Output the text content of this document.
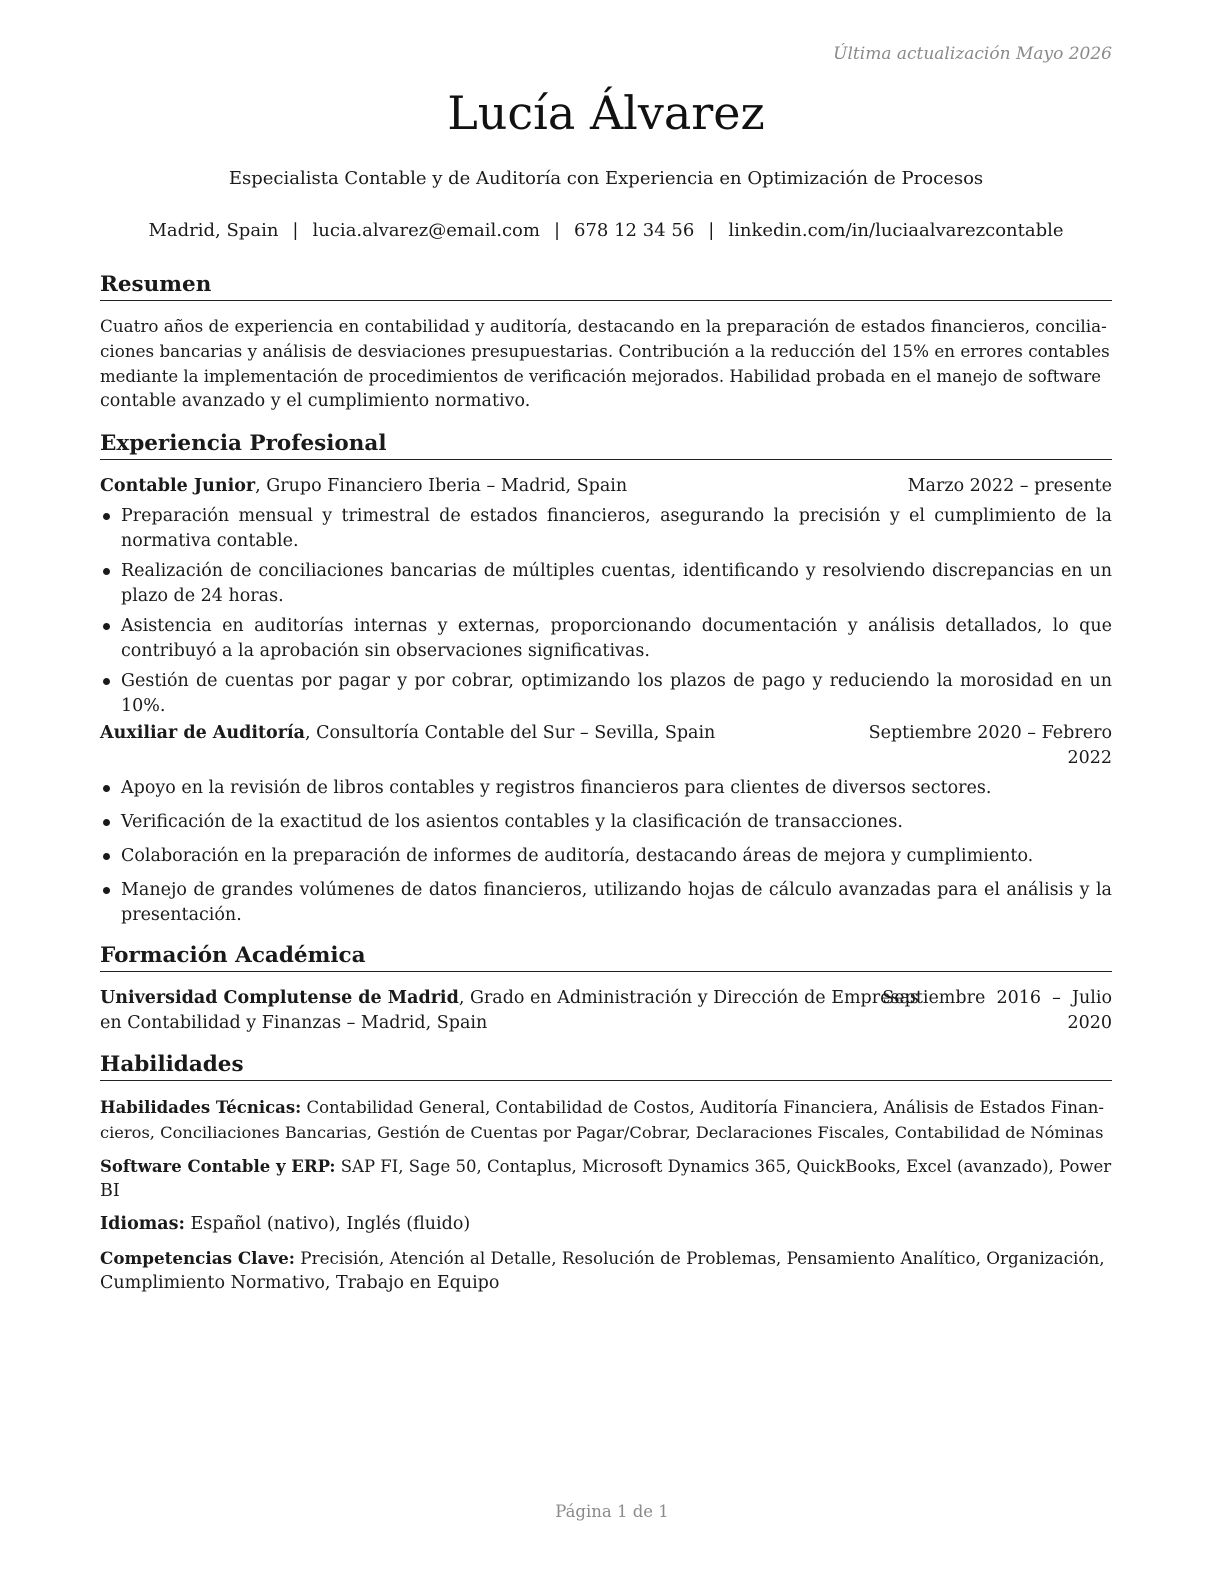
Última actualización Mayo 2026
Lucía Álvarez
Especialista Contable y de Auditoría con Experiencia en Optimización de Procesos
Madrid, Spain | lucia.alvarez@email.com | 678 12 34 56 | linkedin.com/in/luciaalvarezcontable
Resumen
Cuatro años de experiencia en contabilidad y auditoría, destacando en la preparación de estados financieros, concilia-
ciones bancarias y análisis de desviaciones presupuestarias. Contribución a la reducción del 15% en errores contables
mediante la implementación de procedimientos de verificación mejorados. Habilidad probada en el manejo de software
contable avanzado y el cumplimiento normativo.
Experiencia Profesional
Contable Junior, Grupo Financiero Iberia – Madrid, Spain	Marzo 2022 – presente
Preparación mensual y trimestral de estados financieros, asegurando la precisión y el cumplimiento de la normativa contable.
Realización de conciliaciones bancarias de múltiples cuentas, identificando y resolviendo discrepancias en un plazo de 24 horas.
Asistencia en auditorías internas y externas, proporcionando documentación y análisis detallados, lo que contribuyó a la aprobación sin observaciones significativas.
Gestión de cuentas por pagar y por cobrar, optimizando los plazos de pago y reduciendo la morosidad en un 10%.
Auxiliar de Auditoría, Consultoría Contable del Sur – Sevilla, Spain	Septiembre 2020 – Febrero
2022
Apoyo en la revisión de libros contables y registros financieros para clientes de diversos sectores.
Verificación de la exactitud de los asientos contables y la clasificación de transacciones.
Colaboración en la preparación de informes de auditoría, destacando áreas de mejora y cumplimiento.
Manejo de grandes volúmenes de datos financieros, utilizando hojas de cálculo avanzadas para el análisis y la presentación.
Formación Académica
Universidad Complutense de Madrid, Grado en Administración y Dirección de Empresas
en Contabilidad y Finanzas – Madrid, Spain
Septiembre  2016  –  Julio
2020
Habilidades
Habilidades Técnicas: Contabilidad General, Contabilidad de Costos, Auditoría Financiera, Análisis de Estados Finan-
cieros, Conciliaciones Bancarias, Gestión de Cuentas por Pagar/Cobrar, Declaraciones Fiscales, Contabilidad de Nóminas
Software Contable y ERP: SAP FI, Sage 50, Contaplus, Microsoft Dynamics 365, QuickBooks, Excel (avanzado), Power
BI
Idiomas: Español (nativo), Inglés (fluido)
Competencias Clave: Precisión, Atención al Detalle, Resolución de Problemas, Pensamiento Analítico, Organización,
Cumplimiento Normativo, Trabajo en Equipo
Página 1 de 1
